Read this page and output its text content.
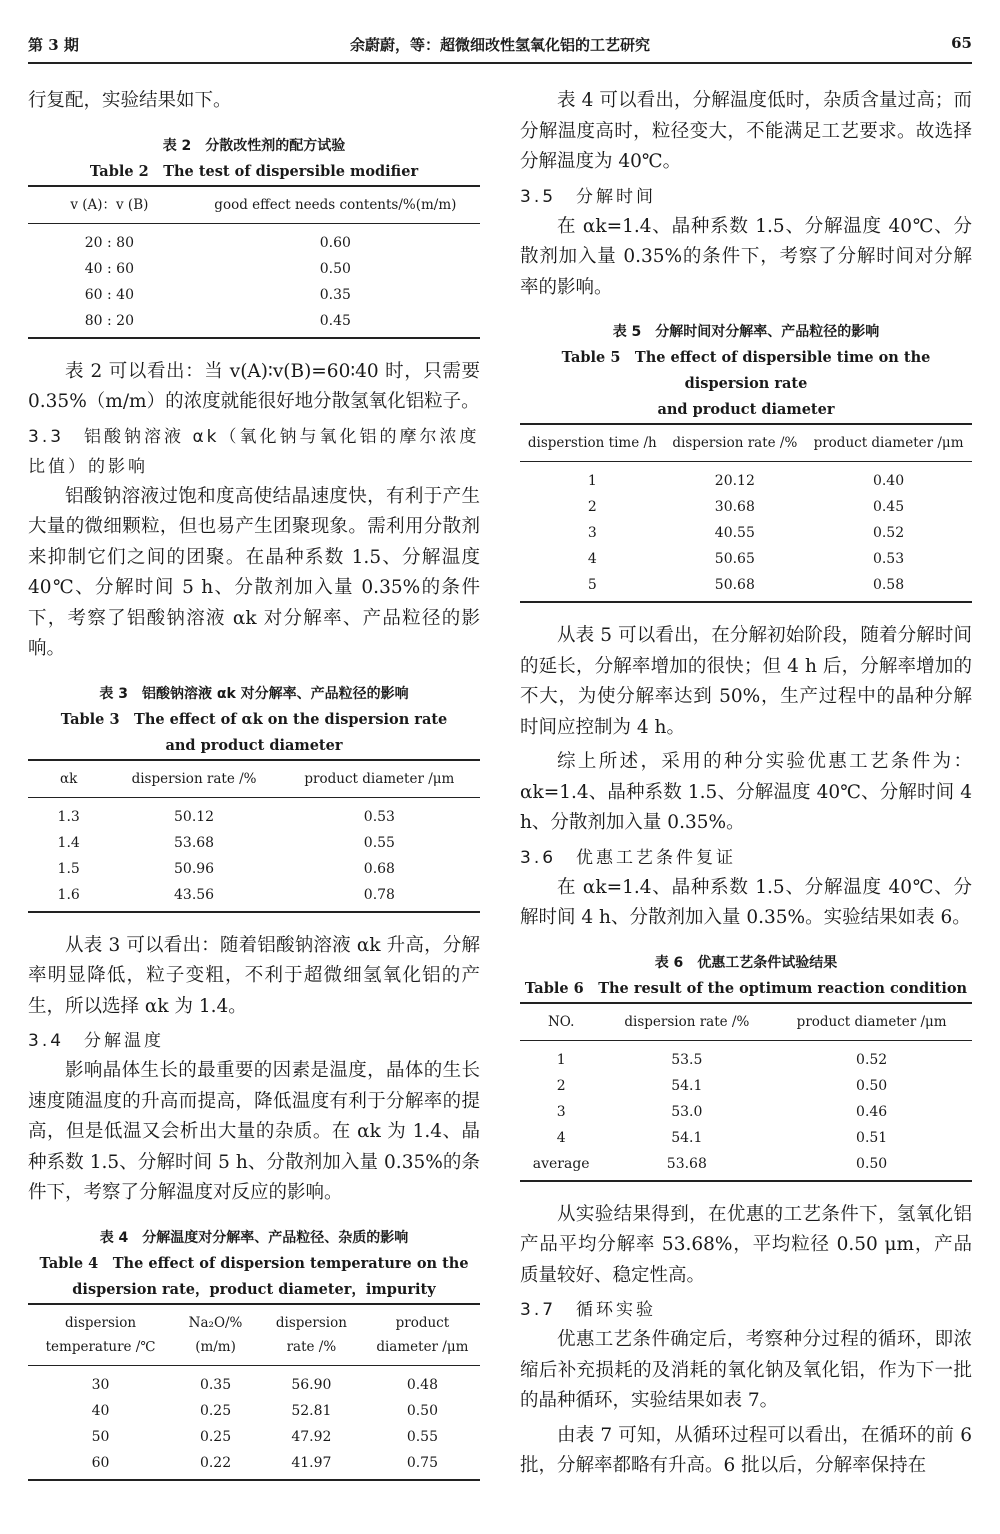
第 3 期	余蔚蔚，等：超微细改性氢氧化铝的工艺研究	65

行复配，实验结果如下。

表 2　分散改性剂的配方试验
Table 2　The test of dispersible modifier
v (A)：v (B)	good effect needs contents/%(m/m)
20 : 80	0.60
40 : 60	0.50
60 : 40	0.35
80 : 20	0.45

表 2 可以看出：当 v(A)∶v(B)=60∶40 时，只需要 0.35%（m/m）的浓度就能很好地分散氢氧化铝粒子。

3.3　铝酸钠溶液 αk（氧化钠与氧化铝的摩尔浓度比值）的影响

铝酸钠溶液过饱和度高使结晶速度快，有利于产生大量的微细颗粒，但也易产生团聚现象。需利用分散剂来抑制它们之间的团聚。在晶种系数 1.5、分解温度 40℃、分解时间 5 h、分散剂加入量 0.35%的条件下，考察了铝酸钠溶液 αk 对分解率、产品粒径的影响。

表 3　铝酸钠溶液 αk 对分解率、产品粒径的影响
Table 3　The effect of αk on the dispersion rate
and product diameter
αk	dispersion rate /%	product diameter /μm
1.3	50.12	0.53
1.4	53.68	0.55
1.5	50.96	0.68
1.6	43.56	0.78

从表 3 可以看出：随着铝酸钠溶液 αk 升高，分解率明显降低，粒子变粗，不利于超微细氢氧化铝的产生，所以选择 αk 为 1.4。

3.4　分解温度

影响晶体生长的最重要的因素是温度，晶体的生长速度随温度的升高而提高，降低温度有利于分解率的提高，但是低温又会析出大量的杂质。在 αk 为 1.4、晶种系数 1.5、分解时间 5 h、分散剂加入量 0.35%的条件下，考察了分解温度对反应的影响。

表 4　分解温度对分解率、产品粒径、杂质的影响
Table 4　The effect of dispersion temperature on the
dispersion rate，product diameter，impurity
dispersion temperature /℃	Na₂O/% (m/m)	dispersion rate /%	product diameter /μm
30	0.35	56.90	0.48
40	0.25	52.81	0.50
50	0.25	47.92	0.55
60	0.22	41.97	0.75

表 4 可以看出，分解温度低时，杂质含量过高；而分解温度高时，粒径变大，不能满足工艺要求。故选择分解温度为 40℃。

3.5　分解时间

在 αk=1.4、晶种系数 1.5、分解温度 40℃、分散剂加入量 0.35%的条件下，考察了分解时间对分解率的影响。

表 5　分解时间对分解率、产品粒径的影响
Table 5　The effect of dispersible time on the dispersion rate
and product diameter
disperstion time /h	dispersion rate /%	product diameter /μm
1	20.12	0.40
2	30.68	0.45
3	40.55	0.52
4	50.65	0.53
5	50.68	0.58

从表 5 可以看出，在分解初始阶段，随着分解时间的延长，分解率增加的很快；但 4 h 后，分解率增加的不大，为使分解率达到 50%，生产过程中的晶种分解时间应控制为 4 h。

综上所述，采用的种分实验优惠工艺条件为：αk=1.4、晶种系数 1.5、分解温度 40℃、分解时间 4 h、分散剂加入量 0.35%。

3.6　优惠工艺条件复证

在 αk=1.4、晶种系数 1.5、分解温度 40℃、分解时间 4 h、分散剂加入量 0.35%。实验结果如表 6。

表 6　优惠工艺条件试验结果
Table 6　The result of the optimum reaction condition
NO.	dispersion rate /%	product diameter /μm
1	53.5	0.52
2	54.1	0.50
3	53.0	0.46
4	54.1	0.51
average	53.68	0.50

从实验结果得到，在优惠的工艺条件下，氢氧化铝产品平均分解率 53.68%，平均粒径 0.50 μm，产品质量较好、稳定性高。

3.7　循环实验

优惠工艺条件确定后，考察种分过程的循环，即浓缩后补充损耗的及消耗的氧化钠及氧化铝，作为下一批的晶种循环，实验结果如表 7。

由表 7 可知，从循环过程可以看出，在循环的前 6 批，分解率都略有升高。6 批以后，分解率保持在
